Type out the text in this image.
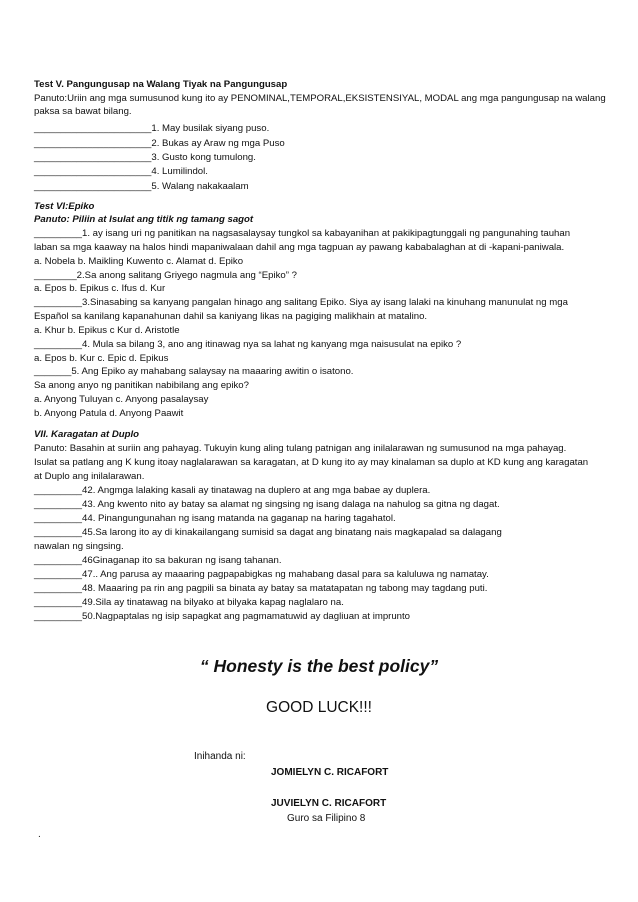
Test V. Pangungusap na Walang Tiyak na Pangungusap
Panuto:Uriin ang mga sumusunod kung ito ay PENOMINAL,TEMPORAL,EKSISTENSIYAL, MODAL ang mga pangungusap na walang
paksa sa bawat bilang.
______________________1. May busilak siyang puso.
______________________2. Bukas ay Araw ng mga Puso
______________________3. Gusto kong tumulong.
______________________4. Lumilindol.
______________________5. Walang nakakaalam
Test VI:Epiko
Panuto: Piliin at Isulat ang titik ng tamang sagot
_________1. ay isang uri ng panitikan na nagsasalaysay tungkol sa kabayanihan at pakikipagtunggali ng pangunahing tauhan
laban sa mga kaaway na halos hindi mapaniwalaan dahil ang mga tagpuan ay pawang kababalaghan at di -kapani-paniwala.
a. Nobela b. Maikling Kuwento c. Alamat d. Epiko
________2.Sa anong salitang Griyego nagmula ang “Epiko” ?
a. Epos b. Epikus c. Ifus d. Kur
_________3.Sinasabing sa kanyang pangalan hinago ang salitang Epiko. Siya ay isang lalaki na kinuhang manunulat ng mga
Español sa kanilang kapanahunan dahil sa kaniyang likas na pagiging malikhain at matalino.
a. Khur b. Epikus c Kur d. Aristotle
_________4. Mula sa bilang 3, ano ang itinawag nya sa lahat ng kanyang mga naisusulat na epiko ?
a. Epos b. Kur c. Epic d. Epikus
_______5. Ang Epiko ay mahabang salaysay na maaaring awitin o isatono.
Sa anong anyo ng panitikan nabibilang ang epiko?
a. Anyong Tuluyan c. Anyong pasalaysay
b. Anyong Patula d. Anyong Paawit
VII. Karagatan at Duplo
Panuto: Basahin at suriin ang pahayag. Tukuyin kung aling tulang patnigan ang inilalarawan ng sumusunod na mga pahayag.
Isulat sa patlang ang K kung itoay naglalarawan sa karagatan, at D kung ito ay may kinalaman sa duplo at KD kung ang karagatan
at Duplo ang inilalarawan.
_________42. Angmga lalaking kasali ay tinatawag na duplero at ang mga babae ay duplera.
_________43. Ang kwento nito ay batay sa alamat ng singsing ng isang dalaga na nahulog sa gitna ng dagat.
_________44. Pinangungunahan ng isang matanda na gaganap na haring tagahatol.
_________45.Sa larong ito ay di kinakailangang sumisid sa dagat ang binatang nais magkapalad sa dalagang
nawalan ng singsing.
_________46Ginaganap ito sa bakuran ng isang tahanan.
_________47.. Ang parusa ay maaaring pagpapabigkas ng mahabang dasal para sa kaluluwa ng namatay.
_________48. Maaaring pa rin ang pagpili sa binata ay batay sa matatapatan ng tabong may tagdang puti.
_________49.Sila ay tinatawag na bilyako at bilyaka kapag naglalaro na.
_________50.Nagpaptalas ng isip sapagkat ang pagmamatuwid ay dagliuan at imprunto
“ Honesty is the best policy”
GOOD LUCK!!!
Inihanda ni:
JOMIELYN C. RICAFORT
JUVIELYN C. RICAFORT
Guro sa Filipino 8
.
